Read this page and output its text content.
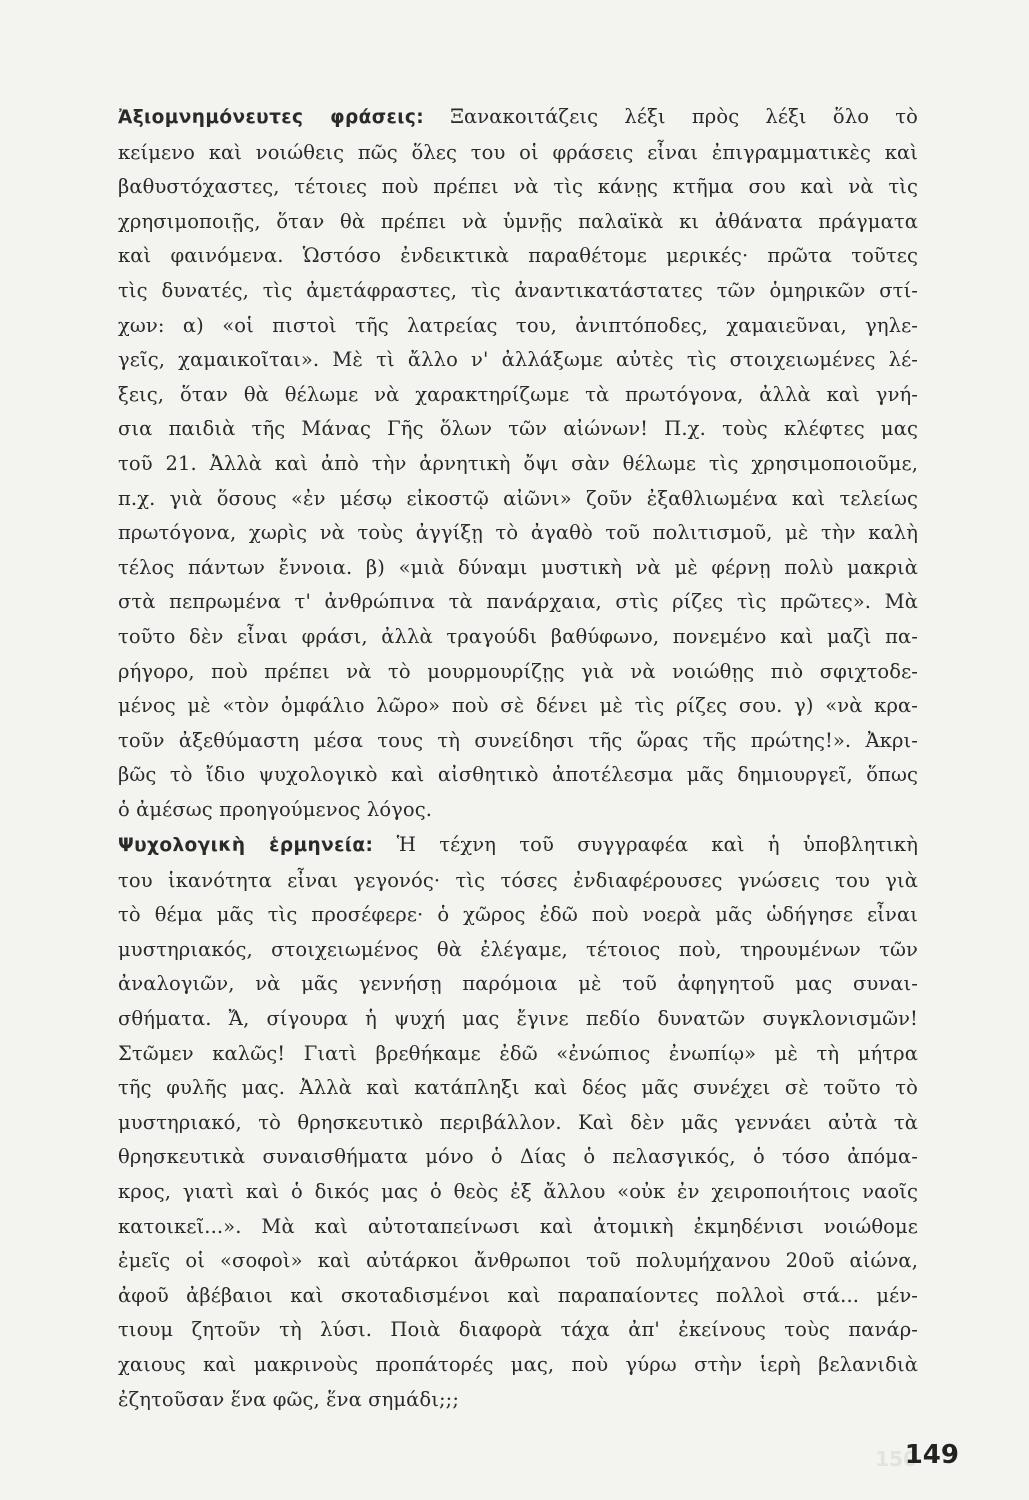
Ἀξιομνημόνευτες φράσεις: Ξανακοιτάζεις λέξι πρὸς λέξι ὅλο τὸ
κείμενο καὶ νοιώθεις πῶς ὅλες του οἱ φράσεις εἶναι ἐπιγραμματικὲς καὶ
βαθυστόχαστες, τέτοιες ποὺ πρέπει νὰ τὶς κάνῃς κτῆμα σου καὶ νὰ τὶς
χρησιμοποιῇς, ὅταν θὰ πρέπει νὰ ὑμνῇς παλαϊκὰ κι ἀθάνατα πράγματα
καὶ φαινόμενα. Ὡστόσο ἐνδεικτικὰ παραθέτομε μερικές· πρῶτα τοῦτες
τὶς δυνατές, τὶς ἀμετάφραστες, τὶς ἀναντικατάστατες τῶν ὁμηρικῶν στί-
χων: α) «οἱ πιστοὶ τῆς λατρείας του, ἀνιπτόποδες, χαμαιεῦναι, γηλε-
γεῖς, χαμαικοῖται». Μὲ τὶ ἄλλο ν' ἀλλάξωμε αὐτὲς τὶς στοιχειωμένες λέ-
ξεις, ὅταν θὰ θέλωμε νὰ χαρακτηρίζωμε τὰ πρωτόγονα, ἀλλὰ καὶ γνή-
σια παιδιὰ τῆς Μάνας Γῆς ὅλων τῶν αἰώνων! Π.χ. τοὺς κλέφτες μας
τοῦ 21. Ἀλλὰ καὶ ἀπὸ τὴν ἀρνητικὴ ὄψι σὰν θέλωμε τὶς χρησιμοποιοῦμε,
π.χ. γιὰ ὅσους «ἐν μέσῳ εἰκοστῷ αἰῶνι» ζοῦν ἐξαθλιωμένα καὶ τελείως
πρωτόγονα, χωρὶς νὰ τοὺς ἀγγίξῃ τὸ ἀγαθὸ τοῦ πολιτισμοῦ, μὲ τὴν καλὴ
τέλος πάντων ἔννοια. β) «μιὰ δύναμι μυστικὴ νὰ μὲ φέρνῃ πολὺ μακριὰ
στὰ πεπρωμένα τ' ἀνθρώπινα τὰ πανάρχαια, στὶς ρίζες τὶς πρῶτες». Μὰ
τοῦτο δὲν εἶναι φράσι, ἀλλὰ τραγούδι βαθύφωνο, πονεμένο καὶ μαζὶ πα-
ρήγορο, ποὺ πρέπει νὰ τὸ μουρμουρίζῃς γιὰ νὰ νοιώθῃς πιὸ σφιχτοδε-
μένος μὲ «τὸν ὀμφάλιο λῶρο» ποὺ σὲ δένει μὲ τὶς ρίζες σου. γ) «νὰ κρα-
τοῦν ἀξεθύμαστη μέσα τους τὴ συνείδησι τῆς ὥρας τῆς πρώτης!». Ἀκρι-
βῶς τὸ ἴδιο ψυχολογικὸ καὶ αἰσθητικὸ ἀποτέλεσμα μᾶς δημιουργεῖ, ὅπως
ὁ ἀμέσως προηγούμενος λόγος.
Ψυχολογικὴ ἑρμηνεία: Ἡ τέχνη τοῦ συγγραφέα καὶ ἡ ὑποβλητικὴ
του ἱκανότητα εἶναι γεγονός· τὶς τόσες ἐνδιαφέρουσες γνώσεις του γιὰ
τὸ θέμα μᾶς τὶς προσέφερε· ὁ χῶρος ἐδῶ ποὺ νοερὰ μᾶς ὡδήγησε εἶναι
μυστηριακός, στοιχειωμένος θὰ ἐλέγαμε, τέτοιος ποὺ, τηρουμένων τῶν
ἀναλογιῶν, νὰ μᾶς γεννήσῃ παρόμοια μὲ τοῦ ἀφηγητοῦ μας συναι-
σθήματα. Ἄ, σίγουρα ἡ ψυχή μας ἔγινε πεδίο δυνατῶν συγκλονισμῶν!
Στῶμεν καλῶς! Γιατὶ βρεθήκαμε ἐδῶ «ἐνώπιος ἐνωπίῳ» μὲ τὴ μήτρα
τῆς φυλῆς μας. Ἀλλὰ καὶ κατάπληξι καὶ δέος μᾶς συνέχει σὲ τοῦτο τὸ
μυστηριακό, τὸ θρησκευτικὸ περιβάλλον. Καὶ δὲν μᾶς γεννάει αὐτὰ τὰ
θρησκευτικὰ συναισθήματα μόνο ὁ Δίας ὁ πελασγικός, ὁ τόσο ἀπόμα-
κρος, γιατὶ καὶ ὁ δικός μας ὁ θεὸς ἐξ ἄλλου «οὐκ ἐν χειροποιήτοις ναοῖς
κατοικεῖ...». Μὰ καὶ αὐτοταπείνωσι καὶ ἀτομικὴ ἐκμηδένισι νοιώθομε
ἐμεῖς οἱ «σοφοὶ» καὶ αὐτάρκοι ἄνθρωποι τοῦ πολυμήχανου 20οῦ αἰώνα,
ἀφοῦ ἀβέβαιοι καὶ σκοταδισμένοι καὶ παραπαίοντες πολλοὶ στά... μέν-
τιουμ ζητοῦν τὴ λύσι. Ποιὰ διαφορὰ τάχα ἀπ' ἐκείνους τοὺς πανάρ-
χαιους καὶ μακρινοὺς προπάτορές μας, ποὺ γύρω στὴν ἱερὴ βελανιδιὰ
ἐζητοῦσαν ἕνα φῶς, ἕνα σημάδι;;;
150
149
